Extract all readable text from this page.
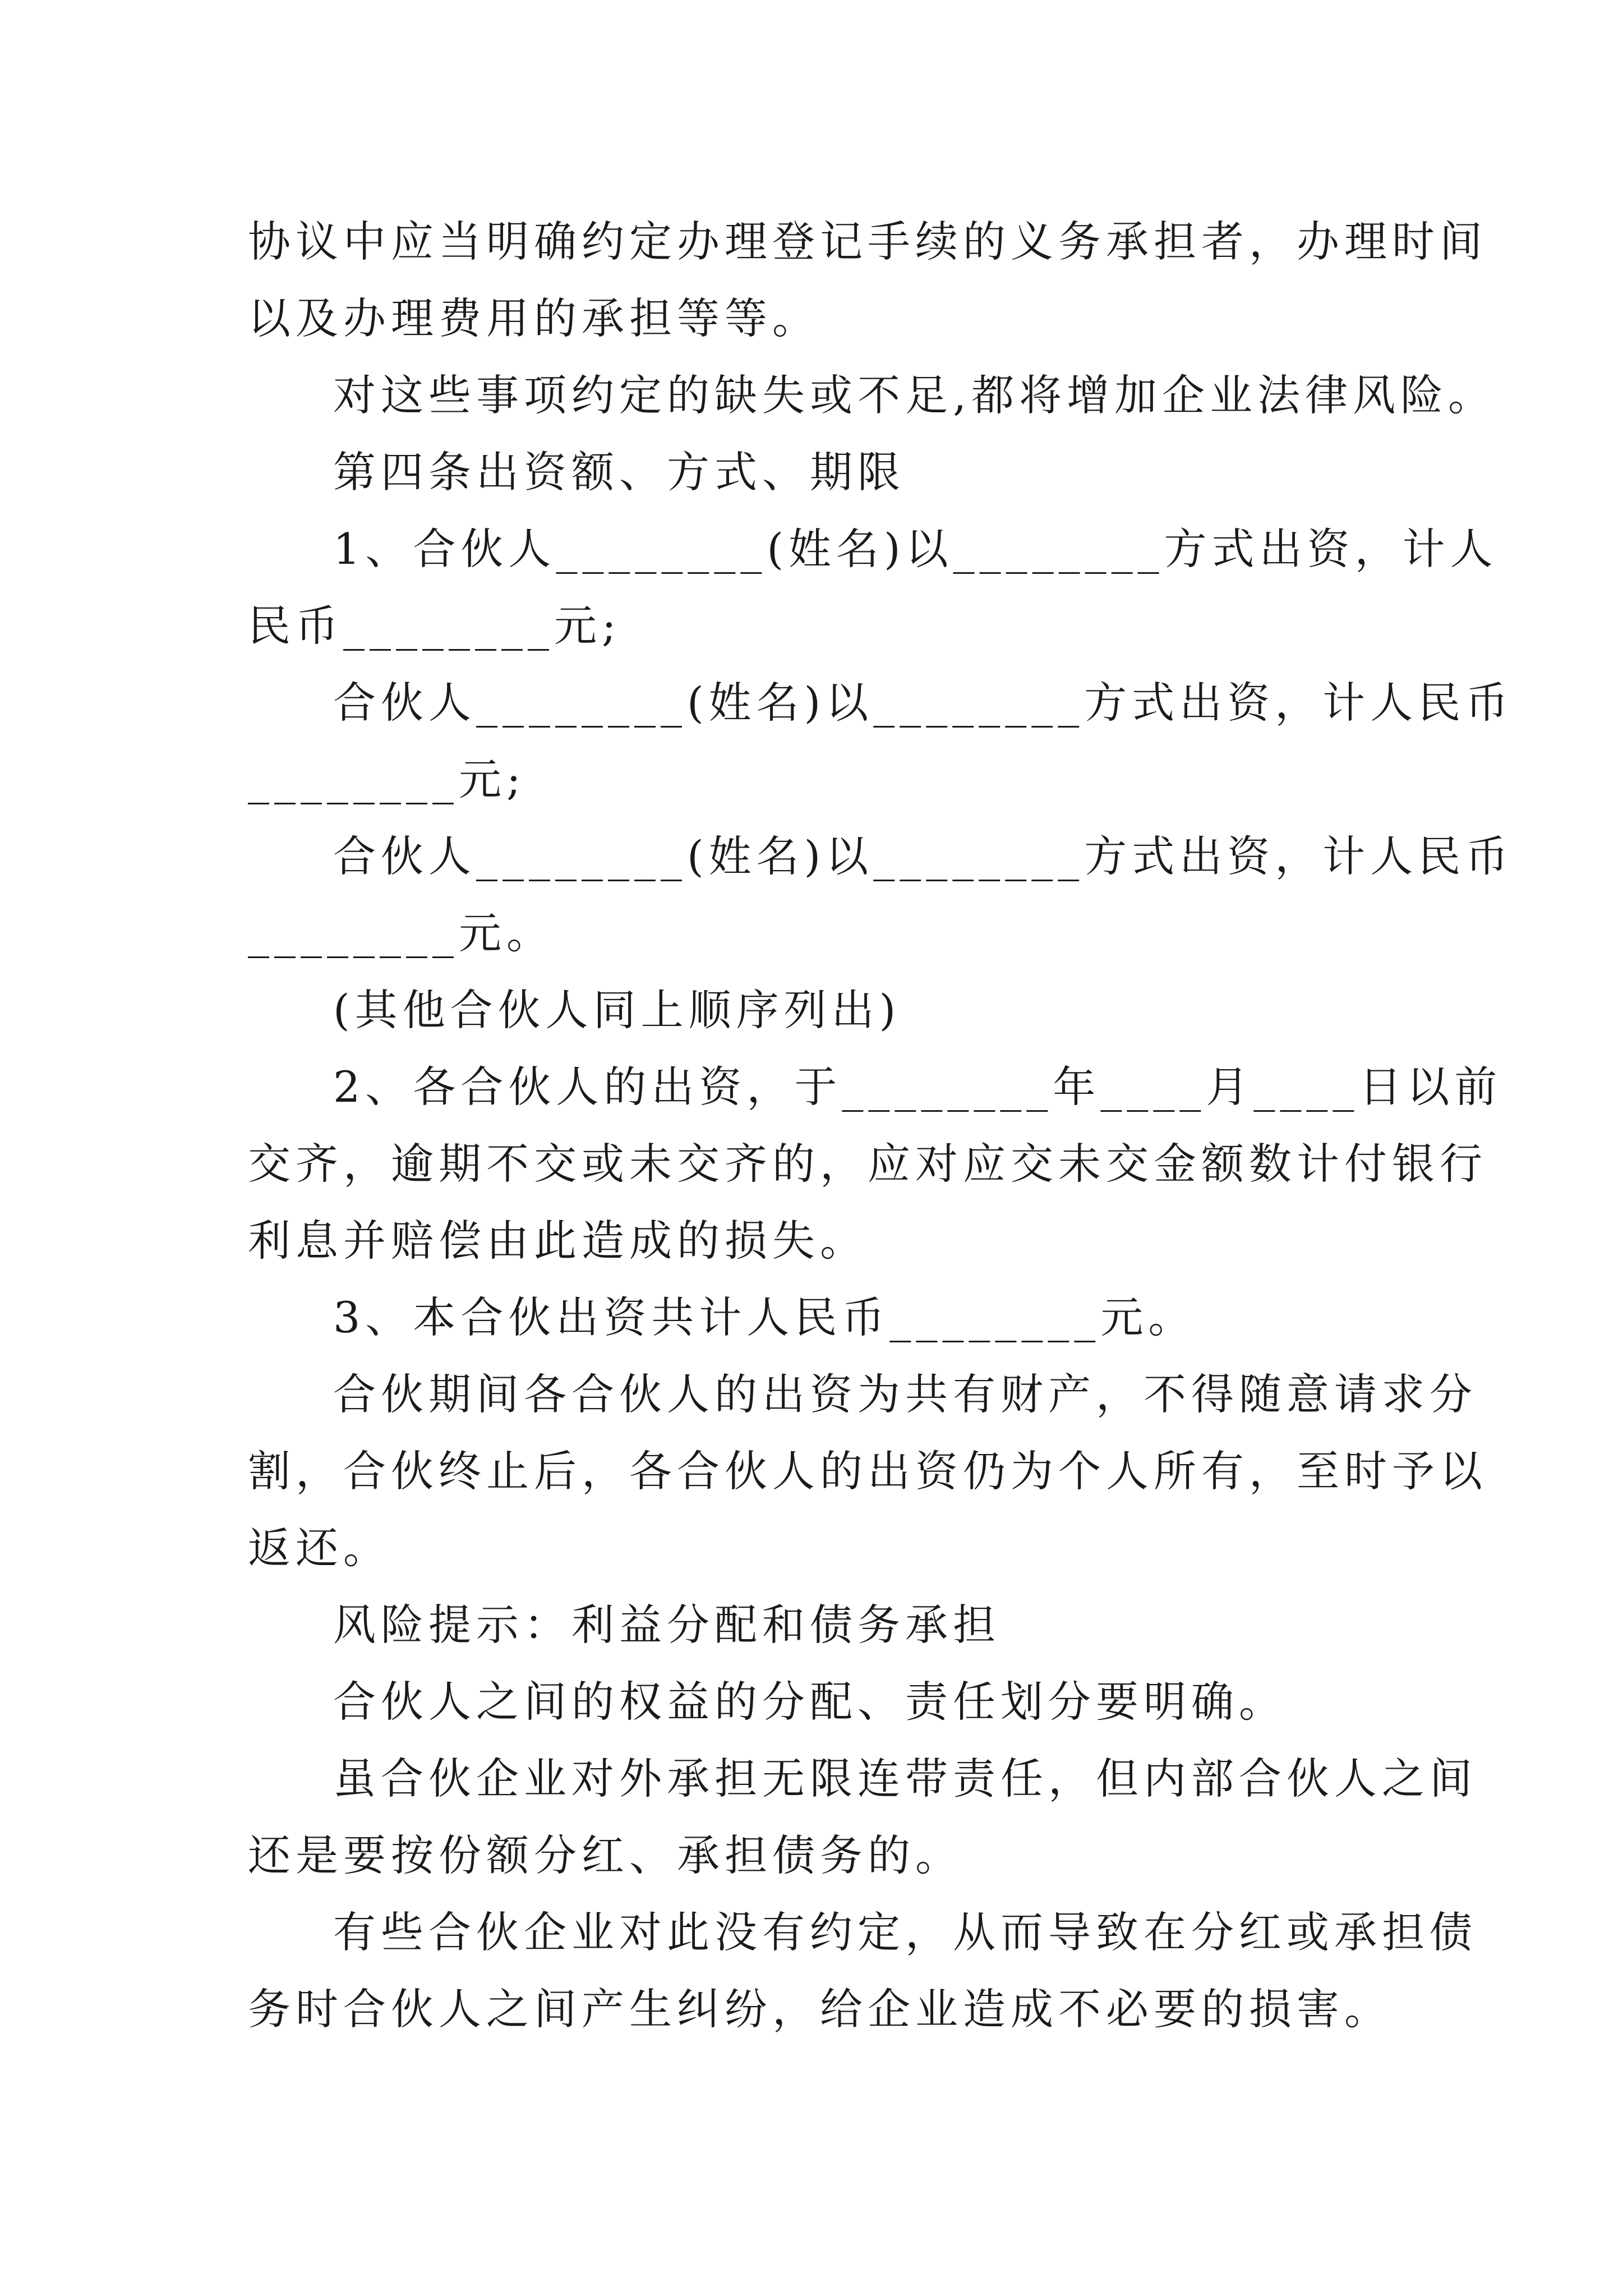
协议中应当明确约定办理登记手续的义务承担者，办理时间
以及办理费用的承担等等。
对这些事项约定的缺失或不足,都将增加企业法律风险。
第四条出资额、方式、期限
1、合伙人________(姓名)以________方式出资，计人
民币________元;
合伙人________(姓名)以________方式出资，计人民币
________元;
合伙人________(姓名)以________方式出资，计人民币
________元。
(其他合伙人同上顺序列出)
2、各合伙人的出资，于________年____月____日以前
交齐，逾期不交或未交齐的，应对应交未交金额数计付银行
利息并赔偿由此造成的损失。
3、本合伙出资共计人民币________元。
合伙期间各合伙人的出资为共有财产，不得随意请求分
割，合伙终止后，各合伙人的出资仍为个人所有，至时予以
返还。
风险提示：利益分配和债务承担
合伙人之间的权益的分配、责任划分要明确。
虽合伙企业对外承担无限连带责任，但内部合伙人之间
还是要按份额分红、承担债务的。
有些合伙企业对此没有约定，从而导致在分红或承担债
务时合伙人之间产生纠纷，给企业造成不必要的损害。
